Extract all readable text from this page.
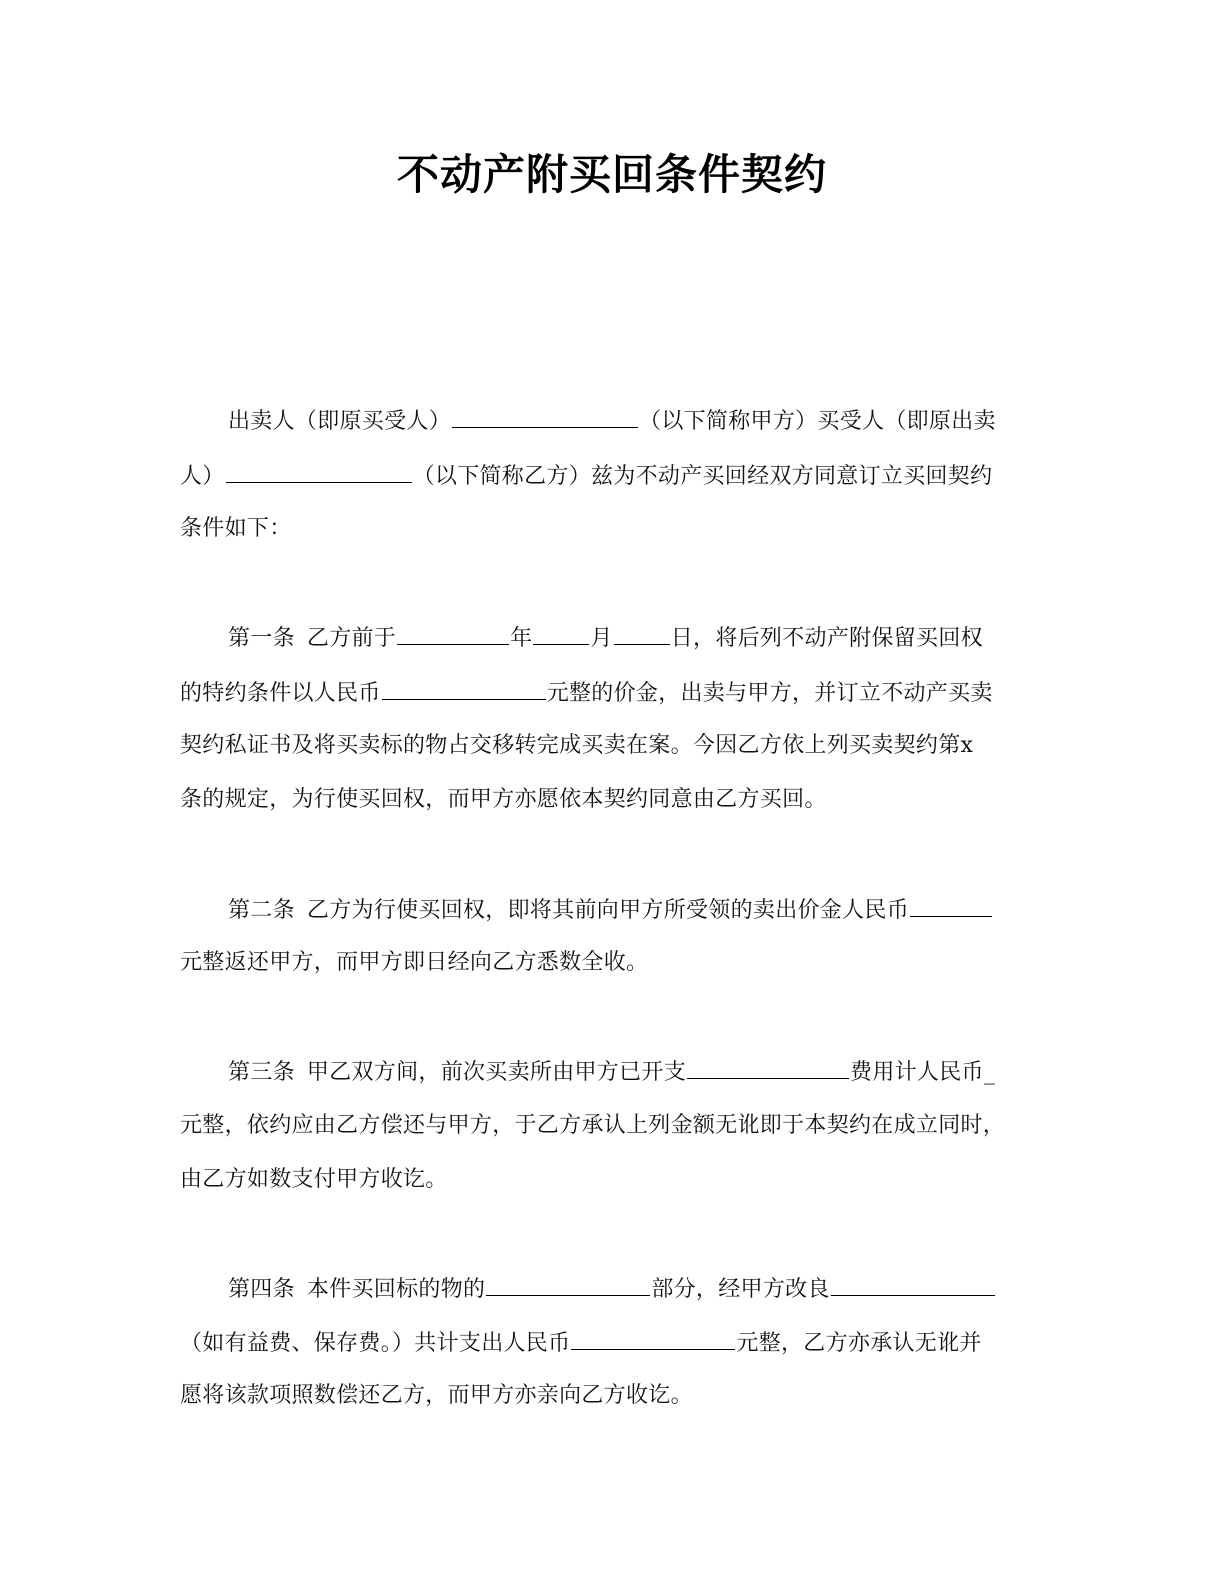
不动产附买回条件契约
出卖人（即原买受人）	（以下简称甲方）买受人（即原出卖
人）	（以下简称乙方）兹为不动产买回经双方同意订立买回契约
条件如下：
第一条 乙方前于	年	月	日，将后列不动产附保留买回权
的特约条件以人民币	元整的价金，出卖与甲方，并订立不动产买卖
契约私证书及将买卖标的物占交移转完成买卖在案。今因乙方依上列买卖契约第x
条的规定，为行使买回权，而甲方亦愿依本契约同意由乙方买回。
第二条 乙方为行使买回权，即将其前向甲方所受领的卖出价金人民币
元整返还甲方，而甲方即日经向乙方悉数全收。
第三条 甲乙双方间，前次买卖所由甲方已开支	费用计人民币_
元整，依约应由乙方偿还与甲方，于乙方承认上列金额无讹即于本契约在成立同时，
由乙方如数支付甲方收讫。
第四条 本件买回标的物的	部分，经甲方改良
（如有益费、保存费。）共计支出人民币	元整，乙方亦承认无讹并
愿将该款项照数偿还乙方，而甲方亦亲向乙方收讫。
